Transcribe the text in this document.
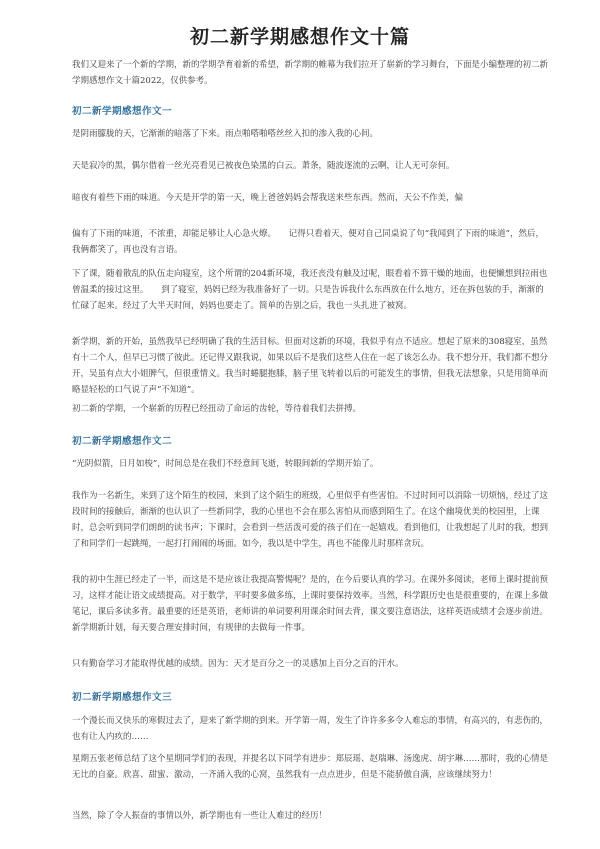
初二新学期感想作文十篇

我们又迎来了一个新的学期，新的学期孕育着新的希望，新学期的帷幕为我们拉开了崭新的学习舞台，下面是小编整理的初二新学期感想作文十篇2022，仅供参考。

初二新学期感想作文一

是阴雨朦胧的天，它渐渐的暗落了下来。雨点啪嗒啪嗒丝丝入扣的渗入我的心间。

天是寂冷的黑，偶尔借着一丝光亮看见已被夜色染黑的白云。萧条，随波逐流的云啊，让人无可奈何。

暗夜有着些下雨的味道。今天是开学的第一天，晚上爸爸妈妈会帮我送来些东西。然而，天公不作美，偏

偏有了下雨的味道，不浓重，却能足够让人心急火燎。　　记得只看着天，便对自己同桌说了句“我闻到了下雨的味道”，然后，我俩都笑了，再也没有言语。

下了课，随着散乱的队伍走向寝室，这个所谓的204新环境，我还丧没有触及过呢，眼看着不算干燥的地面，也便懒想到拉雨也曾温柔的接过这里。　　到了寝室，妈妈已经为我准备好了一切。只是告诉我什么东西放在什么地方，还在拆包装的手，渐渐的忙碌了起来。经过了大半天时间，妈妈也要走了。简单的告别之后，我也一头扎进了被窝。

新学期，新的开始，虽然我早已经明确了我的生活目标。但面对这新的环境，我似乎有点不适应。想起了原来的308寝室，虽然有十二个人，但早已习惯了彼此。还记得又跟我说，如果以后不是我们这些人住在一起了该怎么办。我不想分开，我们都不想分开，吴虽有点大小姐脾气，但很重情义。我当时蜷腿抱膝，脑子里飞转着以后的可能发生的事情，但我无法想象，只是用简单而略显轻松的口气说了声“不知道”。

初二新的学期，一个崭新的历程已经扭动了命运的齿轮，等待着我们去拼搏。

初二新学期感想作文二

“光阴似箭，日月如梭”，时间总是在我们不经意间飞逝，转眼间新的学期开始了。

我作为一名新生，来到了这个陌生的校园，来到了这个陌生的班级，心里似乎有些害怕。不过时间可以消除一切烦恼，经过了这段时间的接触后，渐渐的也认识了一些新同学，我的心里也不会在那么害怕从而感到陌生了。在这个幽境优美的校园里，上课时，总会听到同学们朗朗的读书声；下课时，会看到一些活泼可爱的孩子们在一起嬉戏。看到他们，让我想起了儿时的我，想到了和同学们一起跳绳，一起打打闹闹的场面。如今，我以是中学生，再也不能像儿时那样贪玩。

我的初中生涯已经走了一半，而这是不是应该让我提高警惕呢？是的，在今后要认真的学习。在课外多阅读，老师上课时提前预习，这样才能让语文成绩提高。对于数学，平时要多做多练，上课时要保持效率。当然，科学跟历史也是很重要的，在课上多做笔记，课后多读多背。最重要的还是英语，老师讲的单词要利用课余时间去背，课文要注意语法，这样英语成绩才会逐步前进。新学期新计划，每天要合理安排时间，有规律的去做每一件事。

只有勤奋学习才能取得优越的成绩。因为：天才是百分之一的灵感加上百分之百的汗水。

初二新学期感想作文三

一个漫长而又快乐的寒假过去了，迎来了新学期的到来。开学第一周，发生了许许多多令人难忘的事情，有高兴的，有悲伤的，也有让人内疚的……

星期五张老师总结了这个星期同学们的表现，并提名以下同学有进步：郑辰瑶、赵瑞琳、汤逸虎、胡宇琳……那时，我的心情是无比的自豪。欣喜、甜蜜、激动，一齐涌入我的心窝，虽然我有一点点进步，但是不能骄傲自满，应该继续努力！

当然，除了令人振奋的事情以外，新学期也有一些让人难过的经历！
